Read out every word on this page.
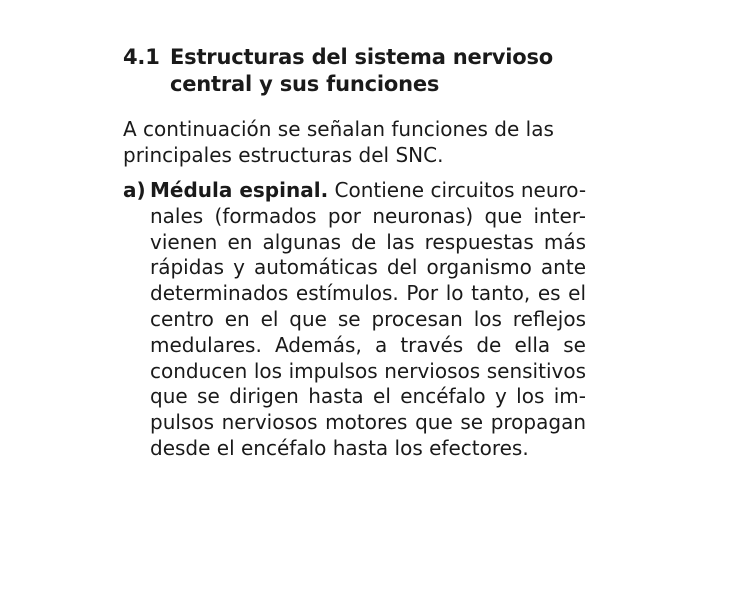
4.1 Estructuras del sistema nervioso
central y sus funciones
A continuación se señalan funciones de las
principales estructuras del SNC.
a) Médula espinal. Contiene circuitos neuro-
nales (formados por neuronas) que inter-
vienen en algunas de las respuestas más
rápidas y automáticas del organismo ante
determinados estímulos. Por lo tanto, es el
centro en el que se procesan los reflejos
medulares. Además, a través de ella se
conducen los impulsos nerviosos sensitivos
que se dirigen hasta el encéfalo y los im-
pulsos nerviosos motores que se propagan
desde el encéfalo hasta los efectores.
